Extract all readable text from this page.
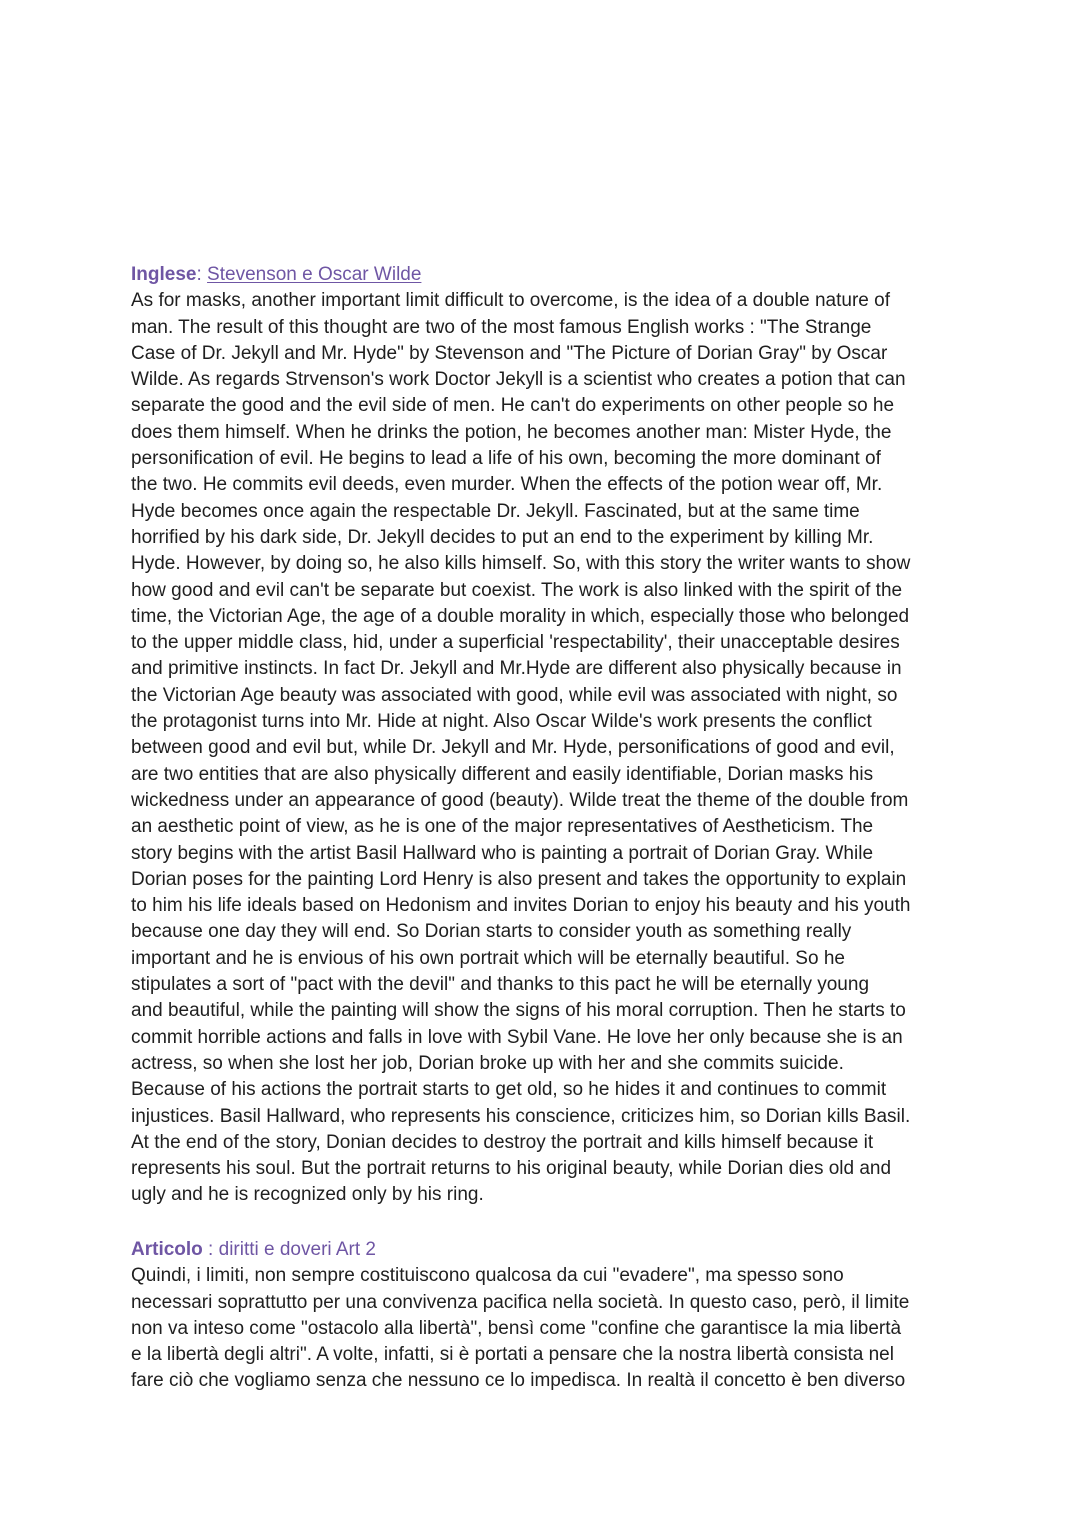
Inglese: Stevenson e Oscar Wilde

As for masks, another important limit difficult to overcome, is the idea of a double nature of
man. The result of this thought are two of the most famous English works : "The Strange
Case of Dr. Jekyll and Mr. Hyde" by Stevenson and "The Picture of Dorian Gray" by Oscar
Wilde. As regards Strvenson's work Doctor Jekyll is a scientist who creates a potion that can
separate the good and the evil side of men. He can't do experiments on other people so he
does them himself. When he drinks the potion, he becomes another man: Mister Hyde, the
personification of evil. He begins to lead a life of his own, becoming the more dominant of
the two. He commits evil deeds, even murder. When the effects of the potion wear off, Mr.
Hyde becomes once again the respectable Dr. Jekyll. Fascinated, but at the same time
horrified by his dark side, Dr. Jekyll decides to put an end to the experiment by killing Mr.
Hyde. However, by doing so, he also kills himself. So, with this story the writer wants to show
how good and evil can't be separate but coexist. The work is also linked with the spirit of the
time, the Victorian Age, the age of a double morality in which, especially those who belonged
to the upper middle class, hid, under a superficial 'respectability', their unacceptable desires
and primitive instincts. In fact Dr. Jekyll and Mr.Hyde are different also physically because in
the Victorian Age beauty was associated with good, while evil was associated with night, so
the protagonist turns into Mr. Hide at night. Also Oscar Wilde's work presents the conflict
between good and evil but, while Dr. Jekyll and Mr. Hyde, personifications of good and evil,
are two entities that are also physically different and easily identifiable, Dorian masks his
wickedness under an appearance of good (beauty). Wilde treat the theme of the double from
an aesthetic point of view, as he is one of the major representatives of Aestheticism. The
story begins with the artist Basil Hallward who is painting a portrait of Dorian Gray. While
Dorian poses for the painting Lord Henry is also present and takes the opportunity to explain
to him his life ideals based on Hedonism and invites Dorian to enjoy his beauty and his youth
because one day they will end. So Dorian starts to consider youth as something really
important and he is envious of his own portrait which will be eternally beautiful. So he
stipulates a sort of "pact with the devil" and thanks to this pact he will be eternally young
and beautiful, while the painting will show the signs of his moral corruption. Then he starts to
commit horrible actions and falls in love with Sybil Vane. He love her only because she is an
actress, so when she lost her job, Dorian broke up with her and she commits suicide.
Because of his actions the portrait starts to get old, so he hides it and continues to commit
injustices. Basil Hallward, who represents his conscience, criticizes him, so Dorian kills Basil.
At the end of the story, Donian decides to destroy the portrait and kills himself because it
represents his soul. But the portrait returns to his original beauty, while Dorian dies old and
ugly and he is recognized only by his ring.

Articolo : diritti e doveri Art 2

Quindi, i limiti, non sempre costituiscono qualcosa da cui "evadere", ma spesso sono
necessari soprattutto per una convivenza pacifica nella società. In questo caso, però, il limite
non va inteso come "ostacolo alla libertà", bensì come "confine che garantisce la mia libertà
e la libertà degli altri". A volte, infatti, si è portati a pensare che la nostra libertà consista nel
fare ciò che vogliamo senza che nessuno ce lo impedisca. In realtà il concetto è ben diverso
